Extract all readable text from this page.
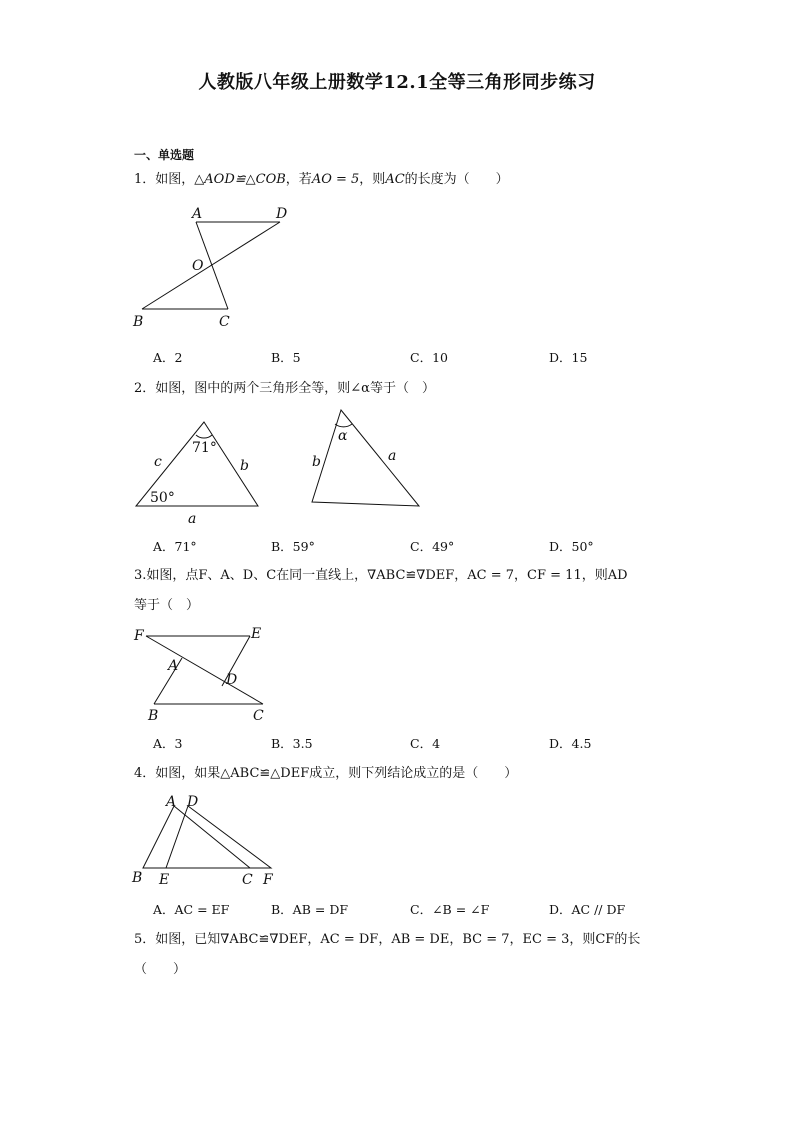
人教版八年级上册数学12.1全等三角形同步练习
一、单选题
1．如图，△AOD≌△COB，若AO = 5，则AC的长度为（　　）
A	D
O
B	C
A．2	B．5	C．10	D．15
2．如图，图中的两个三角形全等，则∠α等于（　）
71°
50°
c	b
a
α
b	a
A．71°	B．59°	C．49°	D．50°
3.如图，点F、A、D、C在同一直线上，∇ABC≌∇DEF，AC = 7，CF = 11，则AD
等于（　）
F	E
A
D
B	C
A．3	B．3.5	C．4	D．4.5
4．如图，如果△ABC≌△DEF成立，则下列结论成立的是（　　）
A D
B E	C F
A．AC = EF	B．AB = DF	C．∠B = ∠F	D．AC // DF
5．如图，已知∇ABC≌∇DEF，AC = DF，AB = DE，BC = 7，EC = 3，则CF的长
（　　）
